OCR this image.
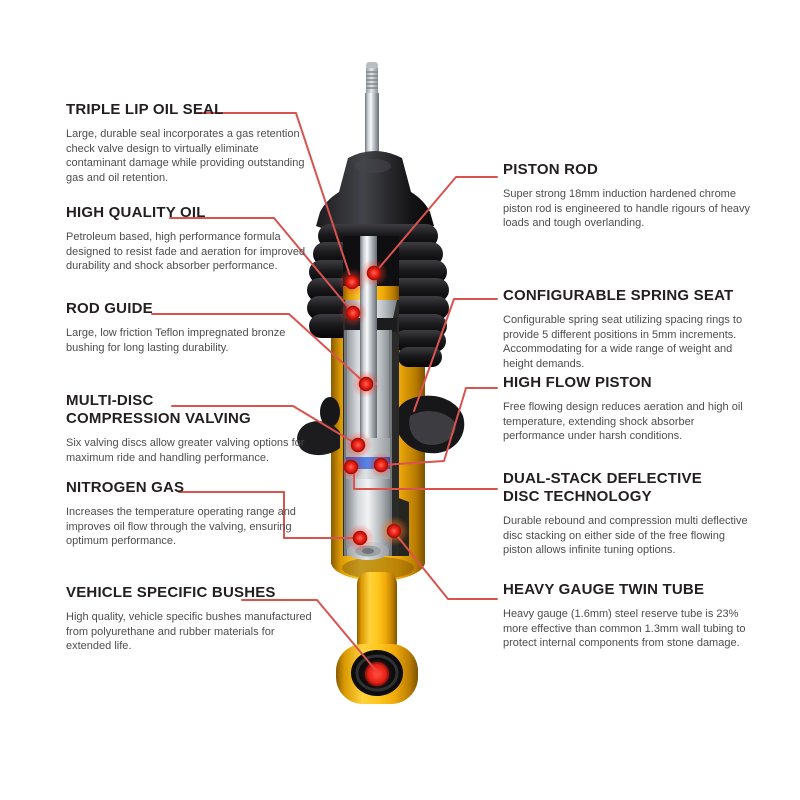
TRIPLE LIP OIL SEAL

Large, durable seal incorporates a gas retention check valve design to virtually eliminate contaminant damage while providing outstanding gas and oil retention.

HIGH QUALITY OIL

Petroleum based, high performance formula designed to resist fade and aeration for improved durability and shock absorber performance.

ROD GUIDE

Large, low friction Teflon impregnated bronze bushing for long lasting durability.

MULTI-DISC COMPRESSION VALVING

Six valving discs allow greater valving options for maximum ride and handling performance.

NITROGEN GAS

Increases the temperature operating range and improves oil flow through the valving, ensuring optimum performance.

VEHICLE SPECIFIC BUSHES

High quality, vehicle specific bushes manufactured from polyurethane and rubber materials for extended life.

PISTON ROD

Super strong 18mm induction hardened chrome piston rod is engineered to handle rigours of heavy loads and tough overlanding.

CONFIGURABLE SPRING SEAT

Configurable spring seat utilizing spacing rings to provide 5 different positions in 5mm increments. Accommodating for a wide range of weight and height demands.

HIGH FLOW PISTON

Free flowing design reduces aeration and high oil temperature, extending shock absorber performance under harsh conditions.

DUAL-STACK DEFLECTIVE DISC TECHNOLOGY

Durable rebound and compression multi deflective disc stacking on either side of the free flowing piston allows infinite tuning options.

HEAVY GAUGE TWIN TUBE

Heavy gauge (1.6mm) steel reserve tube is 23% more effective than common 1.3mm wall tubing to protect internal components from stone damage.
